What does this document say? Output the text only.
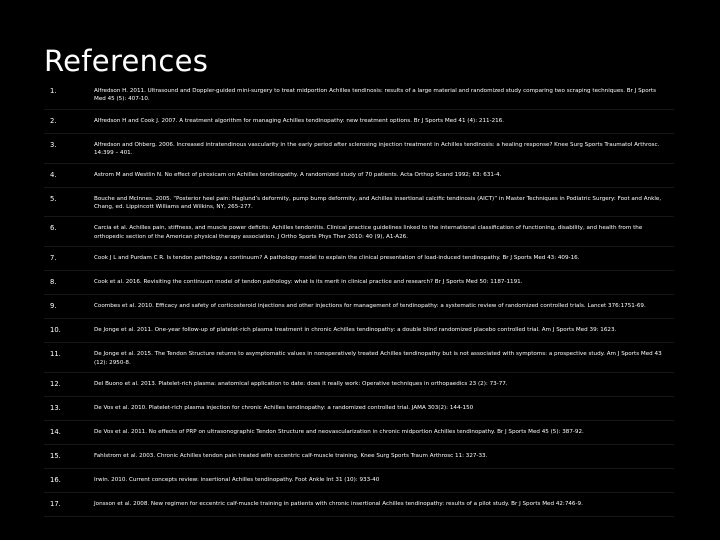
References
1.	Alfredson H. 2011. Ultrasound and Doppler-guided mini-surgery to treat midportion Achilles tendinosis: results of a large material and randomized study comparing two scraping techniques. Br J Sports Med 45 (5): 407-10.
2.	Alfredson H and Cook J. 2007. A treatment algorithm for managing Achilles tendinopathy: new treatment options. Br J Sports Med 41 (4): 211-216.
3.	Alfredson and Ohberg. 2006. Increased intratendinous vascularity in the early period after sclerosing injection treatment in Achilles tendinosis: a healing response? Knee Surg Sports Traumatol Arthrosc. 14:399 – 401.
4.	Astrom M and Westlin N. No effect of piroxicam on Achilles tendinopathy. A randomized study of 70 patients. Acta Orthop Scand 1992; 63: 631-4.
5.	Bouche and McInnes. 2005. “Posterior heel pain: Haglund’s deformity, pump bump deformity, and Achilles insertional calcific tendinosis (AICT)” in Master Techniques in Podiatric Surgery: Foot and Ankle, Chang, ed. Lippincott Williams and Wilkins, NY, 265-277.
6.	Carcia et al. Achilles pain, stiffness, and muscle power deficits: Achilles tendonitis. Clinical practice guidelines linked to the international classification of functioning, disability, and health from the orthopedic section of the American physical therapy association. J Ortho Sports Phys Ther 2010: 40 (9), A1-A26.
7.	Cook J L and Purdam C R. Is tendon pathology a continuum? A pathology model to explain the clinical presentation of load-induced tendinopathy. Br J Sports Med 43: 409-16.
8.	Cook et al. 2016. Revisiting the continuum model of tendon pathology: what is its merit in clinical practice and research? Br J Sports Med 50: 1187-1191.
9.	Coombes et al. 2010. Efficacy and safety of corticosteroid injections and other injections for management of tendinopathy: a systematic review of randomized controlled trials. Lancet 376:1751-69.
10.	De Jonge et al. 2011. One-year follow-up of platelet-rich plasma treatment in chronic Achilles tendinopathy: a double blind randomized placebo controlled trial. Am J Sports Med 39: 1623.
11.	De Jonge et al. 2015. The Tendon Structure returns to asymptomatic values in nonoperatively treated Achilles tendinopathy but is not associated with symptoms: a prospective study. Am J Sports Med 43 (12): 2950-8.
12.	Del Buono et al. 2013. Platelet-rich plasma: anatomical application to date: does it really work: Operative techniques in orthopaedics 23 (2): 73-77.
13.	De Vos et al. 2010. Platelet-rich plasma injection for chronic Achilles tendinopathy: a randomized controlled trial. JAMA 303(2): 144-150
14.	De Vos et al. 2011. No effects of PRP on ultrasonographic Tendon Structure and neovascularization in chronic midportion Achilles tendinopathy. Br J Sports Med 45 (5): 387-92.
15.	Fahlstrom et al. 2003. Chronic Achilles tendon pain treated with eccentric calf-muscle training. Knee Surg Sports Traum Arthrosc 11: 327-33.
16.	Irwin. 2010. Current concepts review: insertional Achilles tendinopathy. Foot Ankle Int 31 (10): 933-40
17.	Jonsson et al. 2008. New regimen for eccentric calf-muscle training in patients with chronic insertional Achilles tendinopathy: results of a pilot study. Br J Sports Med 42:746-9.
